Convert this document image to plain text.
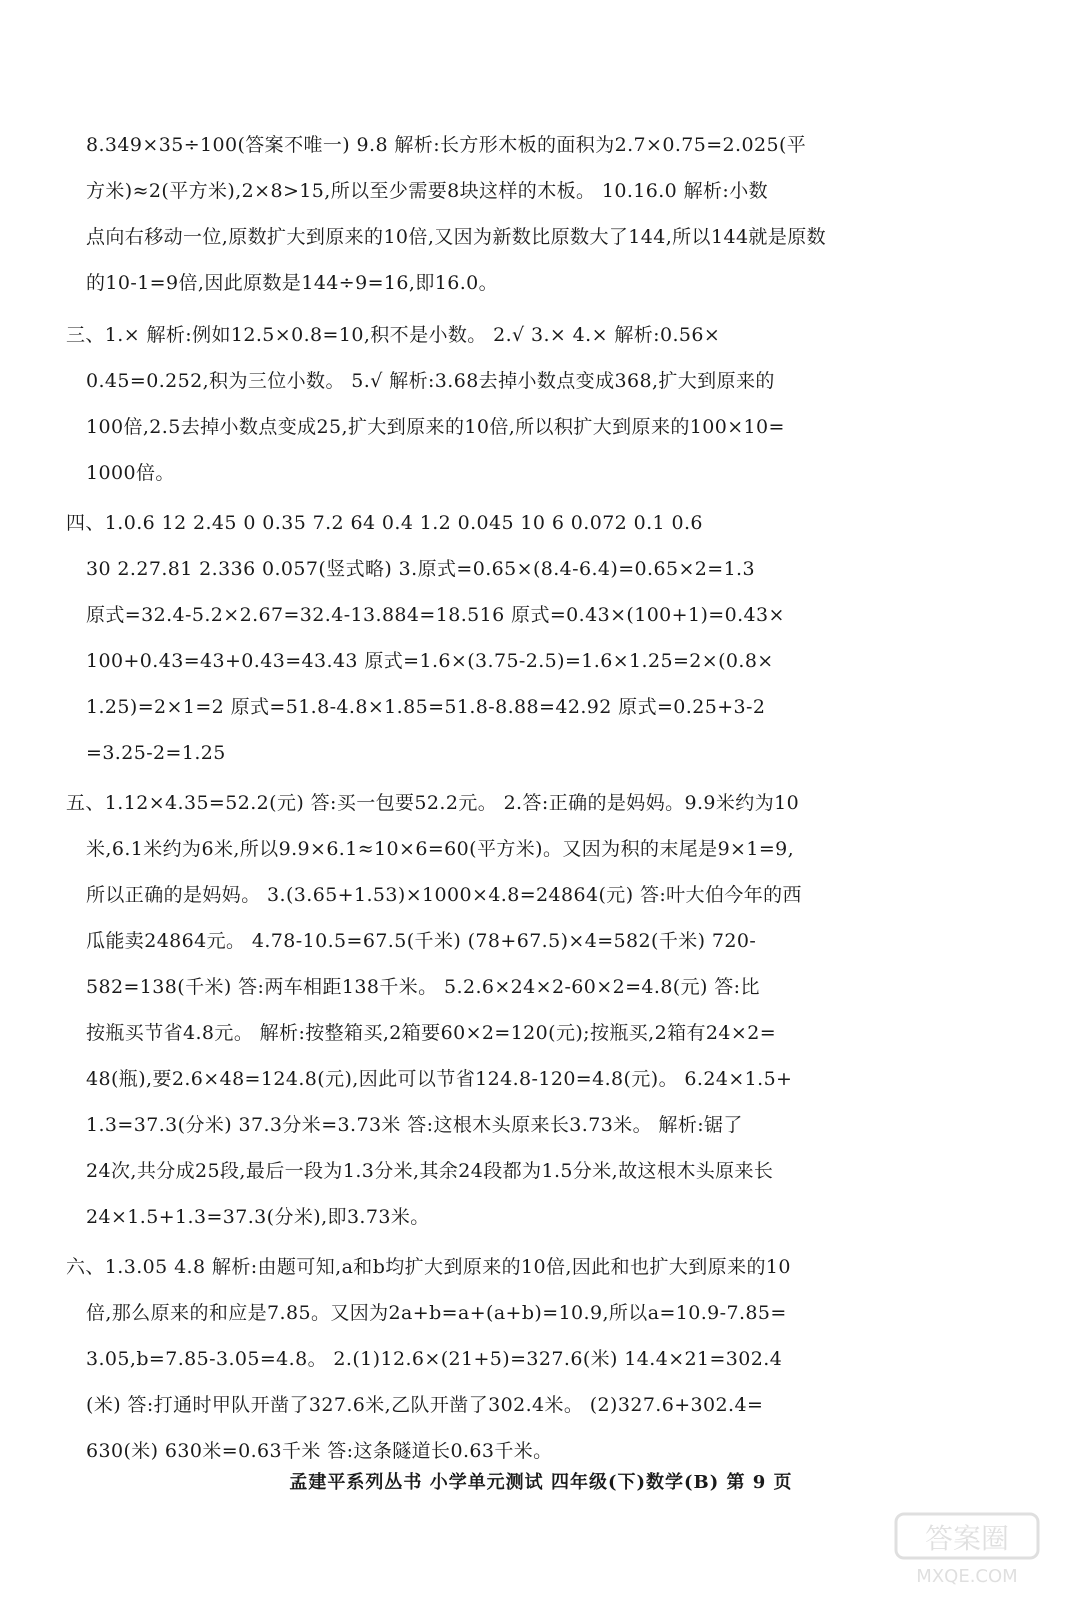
8.349×35÷100(答案不唯一) 9.8 解析:长方形木板的面积为2.7×0.75=2.025(平
方米)≈2(平方米),2×8>15,所以至少需要8块这样的木板。 10.16.0 解析:小数
点向右移动一位,原数扩大到原来的10倍,又因为新数比原数大了144,所以144就是原数
的10-1=9倍,因此原数是144÷9=16,即16.0。
三、1.× 解析:例如12.5×0.8=10,积不是小数。 2.√ 3.× 4.× 解析:0.56×
0.45=0.252,积为三位小数。 5.√ 解析:3.68去掉小数点变成368,扩大到原来的
100倍,2.5去掉小数点变成25,扩大到原来的10倍,所以积扩大到原来的100×10=
1000倍。
四、1.0.6 12 2.45 0 0.35 7.2 64 0.4 1.2 0.045 10 6 0.072 0.1 0.6
30 2.27.81 2.336 0.057(竖式略) 3.原式=0.65×(8.4-6.4)=0.65×2=1.3
原式=32.4-5.2×2.67=32.4-13.884=18.516 原式=0.43×(100+1)=0.43×
100+0.43=43+0.43=43.43 原式=1.6×(3.75-2.5)=1.6×1.25=2×(0.8×
1.25)=2×1=2 原式=51.8-4.8×1.85=51.8-8.88=42.92 原式=0.25+3-2
=3.25-2=1.25
五、1.12×4.35=52.2(元) 答:买一包要52.2元。 2.答:正确的是妈妈。9.9米约为10
米,6.1米约为6米,所以9.9×6.1≈10×6=60(平方米)。又因为积的末尾是9×1=9,
所以正确的是妈妈。 3.(3.65+1.53)×1000×4.8=24864(元) 答:叶大伯今年的西
瓜能卖24864元。 4.78-10.5=67.5(千米) (78+67.5)×4=582(千米) 720-
582=138(千米) 答:两车相距138千米。 5.2.6×24×2-60×2=4.8(元) 答:比
按瓶买节省4.8元。 解析:按整箱买,2箱要60×2=120(元);按瓶买,2箱有24×2=
48(瓶),要2.6×48=124.8(元),因此可以节省124.8-120=4.8(元)。 6.24×1.5+
1.3=37.3(分米) 37.3分米=3.73米 答:这根木头原来长3.73米。 解析:锯了
24次,共分成25段,最后一段为1.3分米,其余24段都为1.5分米,故这根木头原来长
24×1.5+1.3=37.3(分米),即3.73米。
六、1.3.05 4.8 解析:由题可知,a和b均扩大到原来的10倍,因此和也扩大到原来的10
倍,那么原来的和应是7.85。又因为2a+b=a+(a+b)=10.9,所以a=10.9-7.85=
3.05,b=7.85-3.05=4.8。 2.(1)12.6×(21+5)=327.6(米) 14.4×21=302.4
(米) 答:打通时甲队开凿了327.6米,乙队开凿了302.4米。 (2)327.6+302.4=
630(米) 630米=0.63千米 答:这条隧道长0.63千米。
孟建平系列丛书 小学单元测试 四年级(下)数学(B) 第 9 页
答案圈
MXQE.COM
